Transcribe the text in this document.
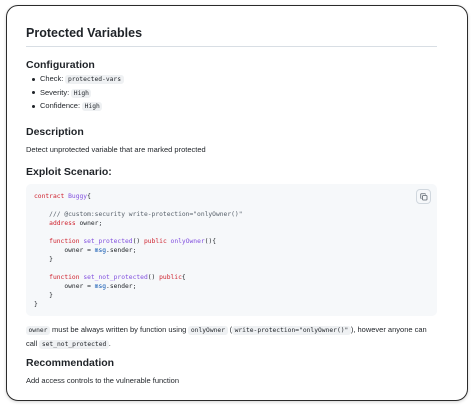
Protected Variables
Configuration
Check: protected-vars
Severity: High
Confidence: High
Description
Detect unprotected variable that are marked protected
Exploit Scenario:
contract Buggy{
/// @custom:security write-protection="onlyOwner()"
address owner;
function set_protected() public onlyOwner(){
owner = msg.sender;
}
function set_not_protected() public{
owner = msg.sender;
}
}
owner must be always written by function using onlyOwner ( write-protection="onlyOwner()" ), however anyone can call set_not_protected .
Recommendation
Add access controls to the vulnerable function
